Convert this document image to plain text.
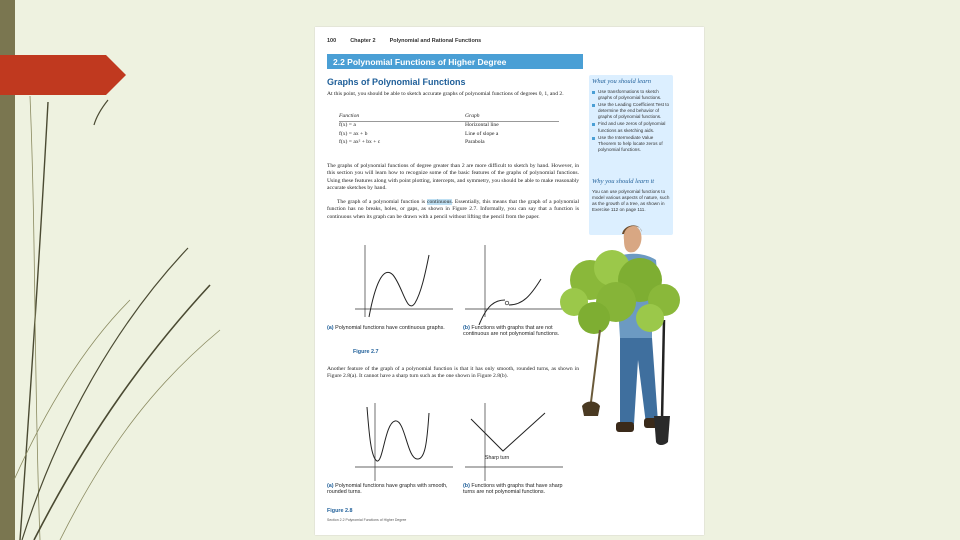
100	Chapter 2	Polynomial and Rational Functions
2.2 Polynomial Functions of Higher Degree
Graphs of Polynomial Functions
At this point, you should be able to sketch accurate graphs of polynomial functions of degrees 0, 1, and 2.
Function	Graph
f(x) = a	Horizontal line
f(x) = ax + b	Line of slope a
f(x) = ax² + bx + c	Parabola
The graphs of polynomial functions of degree greater than 2 are more difficult to sketch by hand. However, in this section you will learn how to recognize some of the basic features of the graphs of polynomial functions. Using these features along with point plotting, intercepts, and symmetry, you should be able to make reasonably accurate sketches by hand.
The graph of a polynomial function is continuous. Essentially, this means that the graph of a polynomial function has no breaks, holes, or gaps, as shown in Figure 2.7. Informally, you can say that a function is continuous when its graph can be drawn with a pencil without lifting the pencil from the paper.
What you should learn
Use transformations to sketch graphs of polynomial functions.
Use the Leading Coefficient Test to determine the end behavior of graphs of polynomial functions.
Find and use zeros of polynomial functions as sketching aids.
Use the Intermediate Value Theorem to help locate zeros of polynomial functions.
Why you should learn it
You can use polynomial functions to model various aspects of nature, such as the growth of a tree, as shown in Exercise 112 on page 111.
(a) Polynomial functions have continuous graphs.	(b) Functions with graphs that are not continuous are not polynomial functions.
Figure 2.7
Another feature of the graph of a polynomial function is that it has only smooth, rounded turns, as shown in Figure 2.8(a). It cannot have a sharp turn such as the one shown in Figure 2.8(b).
Sharp turn
(a) Polynomial functions have graphs with smooth, rounded turns.
(b) Functions with graphs that have sharp turns are not polynomial functions.
Figure 2.8
Section 2.2 Polynomial Functions of Higher Degree
